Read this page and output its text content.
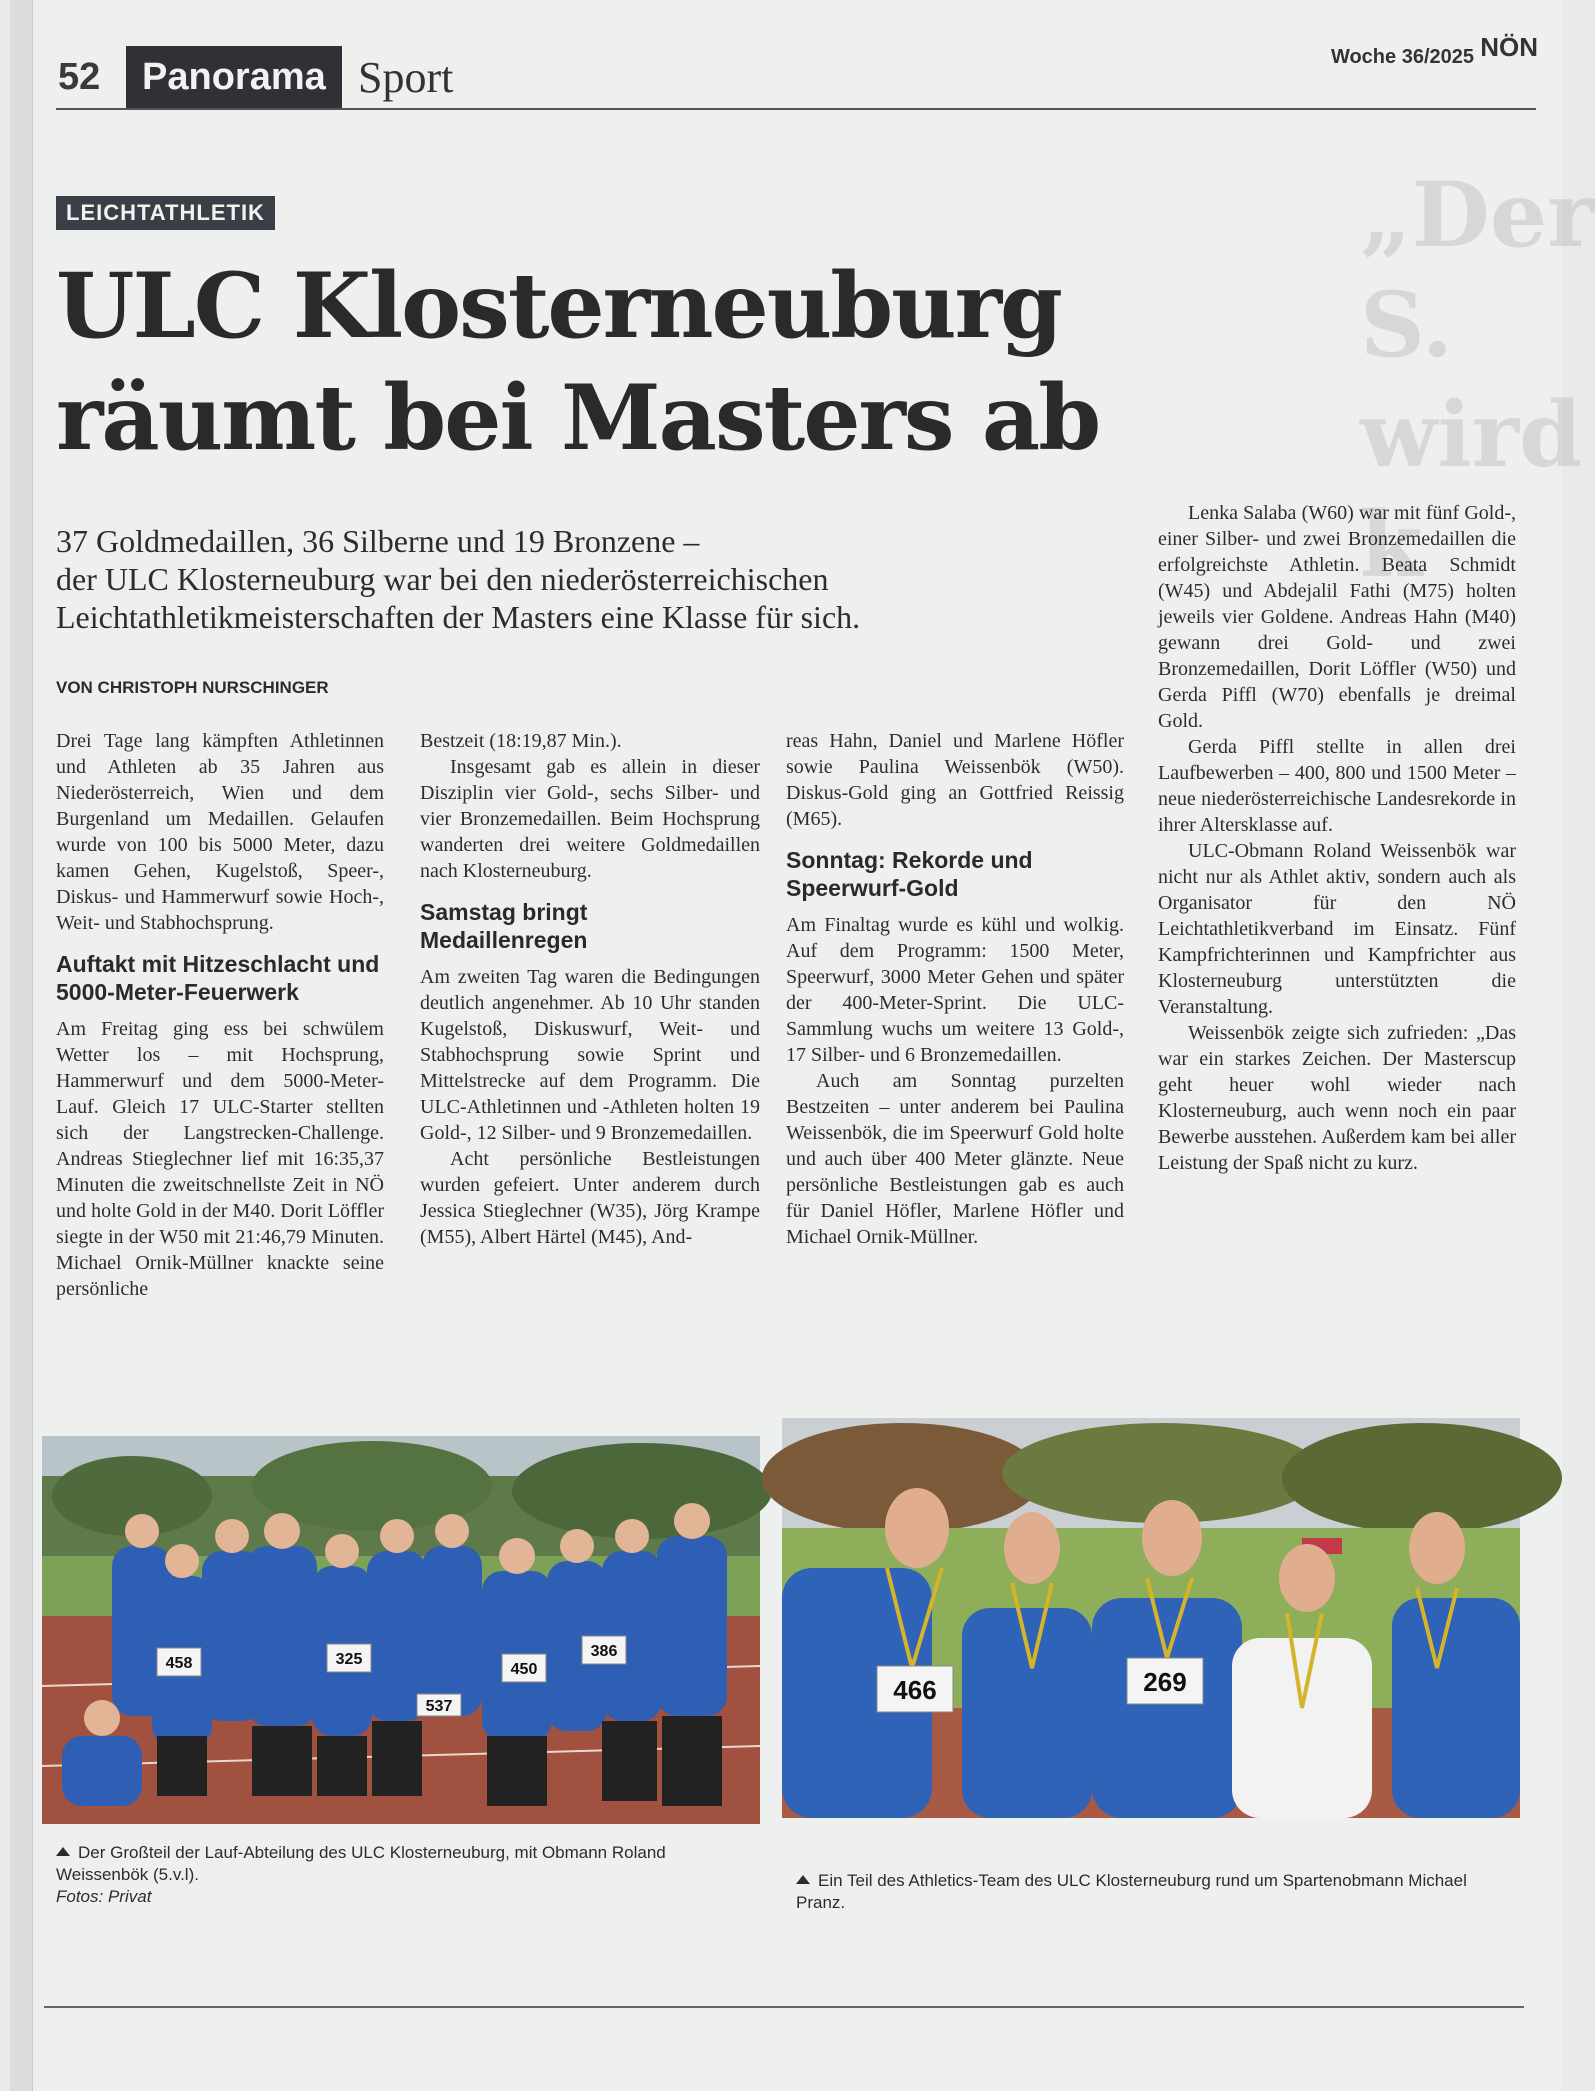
52	Panorama Sport	Woche 36/2025 NÖN
„Der S.
wird k
LEICHTATHLETIK
ULC Klosterneuburg
räumt bei Masters ab
37 Goldmedaillen, 36 Silberne und 19 Bronzene –
der ULC Klosterneuburg war bei den niederösterreichischen
Leichtathletikmeisterschaften der Masters eine Klasse für sich.
VON CHRISTOPH NURSCHINGER

Drei Tage lang kämpften Athletinnen und Athleten ab 35 Jahren aus Niederösterreich, Wien und dem Burgenland um Medaillen. Gelaufen wurde von 100 bis 5000 Meter, dazu kamen Gehen, Kugelstoß, Speer-, Diskus- und Hammerwurf sowie Hoch-, Weit- und Stabhochsprung.

Auftakt mit Hitzeschlacht und 5000-Meter-Feuerwerk

Am Freitag ging ess bei schwülem Wetter los – mit Hochsprung, Hammerwurf und dem 5000-Meter-Lauf. Gleich 17 ULC-Starter stellten sich der Langstrecken-Challenge. Andreas Stieglechner lief mit 16:35,37 Minuten die zweitschnellste Zeit in NÖ und holte Gold in der M40. Dorit Löffler siegte in der W50 mit 21:46,79 Minuten. Michael Ornik-Müllner knackte seine persönliche

Bestzeit (18:19,87 Min.).

Insgesamt gab es allein in dieser Disziplin vier Gold-, sechs Silber- und vier Bronzemedaillen. Beim Hochsprung wanderten drei weitere Goldmedaillen nach Klosterneuburg.

Samstag bringt Medaillenregen

Am zweiten Tag waren die Bedingungen deutlich angenehmer. Ab 10 Uhr standen Kugelstoß, Diskuswurf, Weit- und Stabhochsprung sowie Sprint und Mittelstrecke auf dem Programm. Die ULC-Athletinnen und -Athleten holten 19 Gold-, 12 Silber- und 9 Bronzemedaillen.

Acht persönliche Bestleistungen wurden gefeiert. Unter anderem durch Jessica Stieglechner (W35), Jörg Krampe (M55), Albert Härtel (M45), And-

reas Hahn, Daniel und Marlene Höfler sowie Paulina Weissenbök (W50). Diskus-Gold ging an Gottfried Reissig (M65).

Sonntag: Rekorde und Speerwurf-Gold

Am Finaltag wurde es kühl und wolkig. Auf dem Programm: 1500 Meter, Speerwurf, 3000 Meter Gehen und später der 400-Meter-Sprint. Die ULC-Sammlung wuchs um weitere 13 Gold-, 17 Silber- und 6 Bronzemedaillen.

Auch am Sonntag purzelten Bestzeiten – unter anderem bei Paulina Weissenbök, die im Speerwurf Gold holte und auch über 400 Meter glänzte. Neue persönliche Bestleistungen gab es auch für Daniel Höfler, Marlene Höfler und Michael Ornik-Müllner.

Lenka Salaba (W60) war mit fünf Gold-, einer Silber- und zwei Bronzemedaillen die erfolgreichste Athletin. Beata Schmidt (W45) und Abdejalil Fathi (M75) holten jeweils vier Goldene. Andreas Hahn (M40) gewann drei Gold- und zwei Bronzemedaillen, Dorit Löffler (W50) und Gerda Piffl (W70) ebenfalls je dreimal Gold.

Gerda Piffl stellte in allen drei Laufbewerben – 400, 800 und 1500 Meter – neue niederösterreichische Landesrekorde in ihrer Altersklasse auf.

ULC-Obmann Roland Weissenbök war nicht nur als Athlet aktiv, sondern auch als Organisator für den NÖ Leichtathletikverband im Einsatz. Fünf Kampfrichterinnen und Kampfrichter aus Klosterneuburg unterstützten die Veranstaltung.

Weissenbök zeigte sich zufrieden: „Das war ein starkes Zeichen. Der Masterscup geht heuer wohl wieder nach Klosterneuburg, auch wenn noch ein paar Bewerbe ausstehen. Außerdem kam bei aller Leistung der Spaß nicht zu kurz.

458	325
450
386
537
Der Großteil der Lauf-Abteilung des ULC Klosterneuburg, mit Obmann Roland Weissenbök (5.v.l).
Fotos: Privat
466	269
Ein Teil des Athletics-Team des ULC Klosterneuburg rund um Spartenobmann Michael Pranz.
